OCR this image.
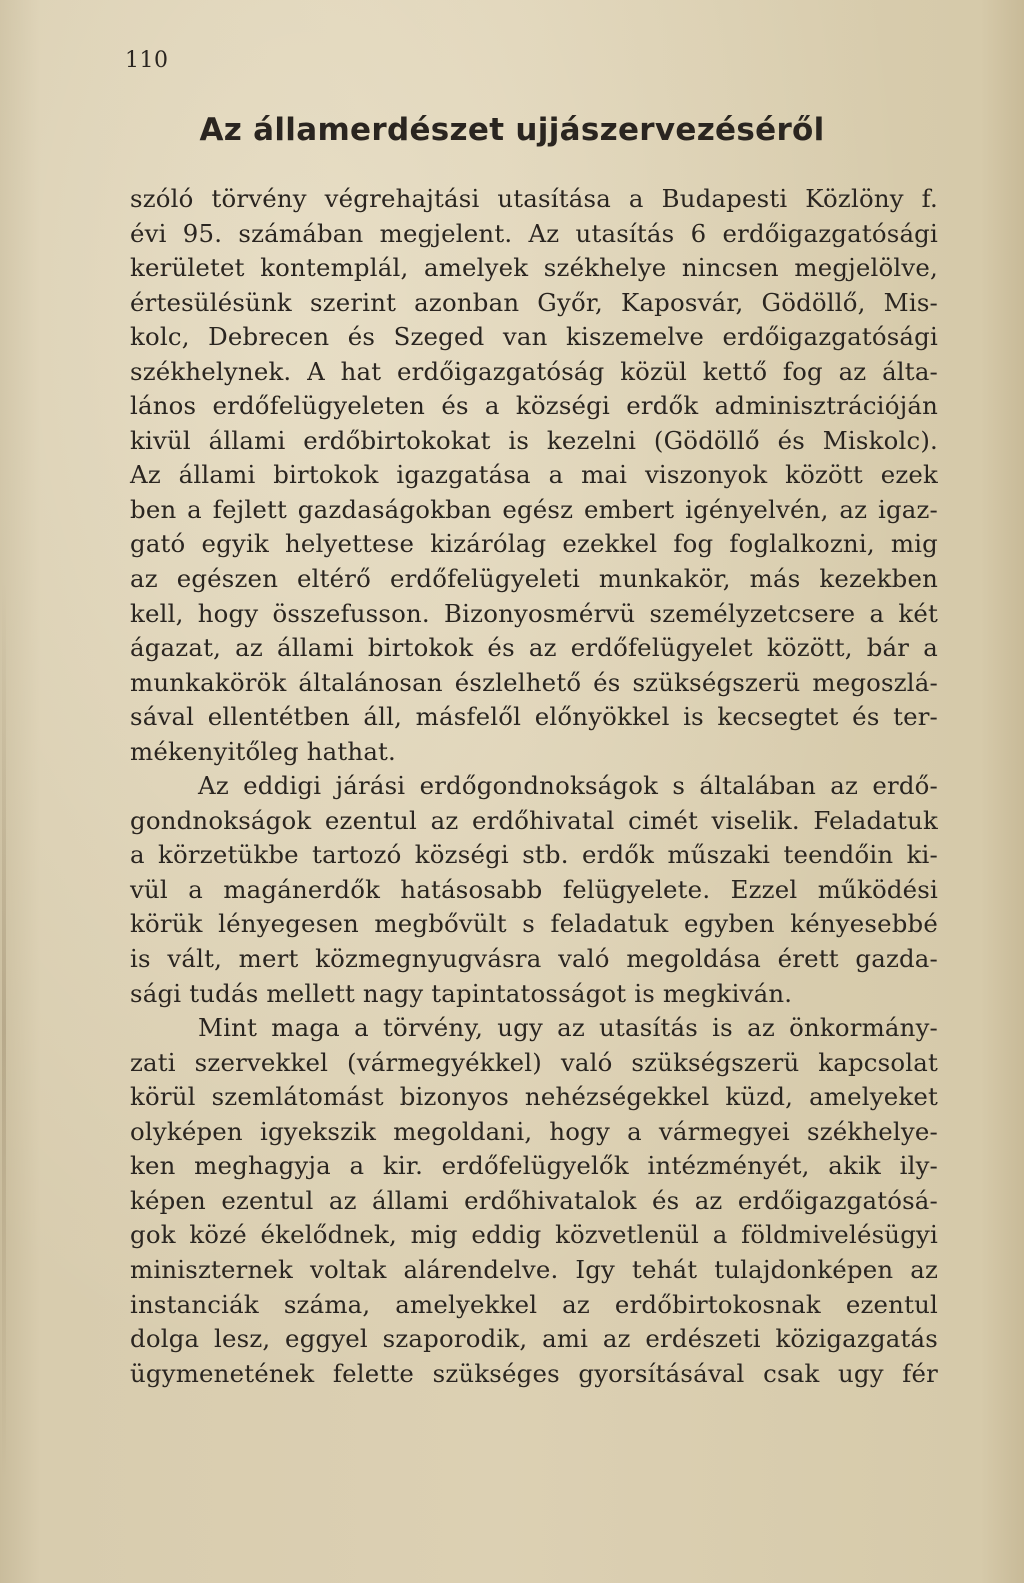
110
Az államerdészet ujjászervezéséről
szóló törvény végrehajtási utasítása a Budapesti Közlöny f.
évi 95. számában megjelent. Az utasítás 6 erdőigazgatósági
kerületet kontemplál, amelyek székhelye nincsen megjelölve,
értesülésünk szerint azonban Győr, Kaposvár, Gödöllő, Mis-
kolc, Debrecen és Szeged van kiszemelve erdőigazgatósági
székhelynek. A hat erdőigazgatóság közül kettő fog az álta-
lános erdőfelügyeleten és a községi erdők adminisztrációján
kivül állami erdőbirtokokat is kezelni (Gödöllő és Miskolc).
Az állami birtokok igazgatása a mai viszonyok között ezek
ben a fejlett gazdaságokban egész embert igényelvén, az igaz-
gató egyik helyettese kizárólag ezekkel fog foglalkozni, mig
az egészen eltérő erdőfelügyeleti munkakör, más kezekben
kell, hogy összefusson. Bizonyosmérvü személyzetcsere a két
ágazat, az állami birtokok és az erdőfelügyelet között, bár a
munkakörök általánosan észlelhető és szükségszerü megoszlá-
sával ellentétben áll, másfelől előnyökkel is kecsegtet és ter-
mékenyitőleg hathat.
Az eddigi járási erdőgondnokságok s általában az erdő-
gondnokságok ezentul az erdőhivatal cimét viselik. Feladatuk
a körzetükbe tartozó községi stb. erdők műszaki teendőin ki-
vül a magánerdők hatásosabb felügyelete. Ezzel működési
körük lényegesen megbővült s feladatuk egyben kényesebbé
is vált, mert közmegnyugvásra való megoldása érett gazda-
sági tudás mellett nagy tapintatosságot is megkiván.
Mint maga a törvény, ugy az utasítás is az önkormány-
zati szervekkel (vármegyékkel) való szükségszerü kapcsolat
körül szemlátomást bizonyos nehézségekkel küzd, amelyeket
olyképen igyekszik megoldani, hogy a vármegyei székhelye-
ken meghagyja a kir. erdőfelügyelők intézményét, akik ily-
képen ezentul az állami erdőhivatalok és az erdőigazgatósá-
gok közé ékelődnek, mig eddig közvetlenül a földmivelésügyi
miniszternek voltak alárendelve. Igy tehát tulajdonképen az
instanciák száma, amelyekkel az erdőbirtokosnak ezentul
dolga lesz, eggyel szaporodik, ami az erdészeti közigazgatás
ügymenetének felette szükséges gyorsításával csak ugy fér
